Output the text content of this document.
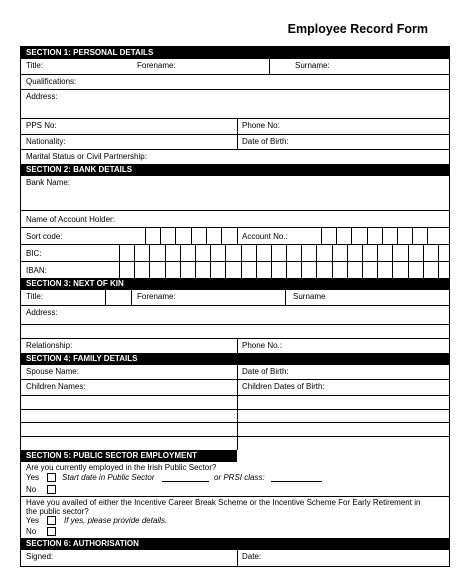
Employee Record Form
SECTION 1: PERSONAL DETAILS
Title:	Forename:	Surname:
Qualifications:
Address:
PPS No:	Phone No:
Nationality:	Date of Birth:
Marital Status or Civil Partnership:
SECTION 2: BANK DETAILS
Bank Name:
Name of Account Holder:
Sort code:	Account No.:
BIC:
IBAN:
SECTION 3: NEXT OF KIN
Title:	Forename:	Surname
Address:
Relationship:	Phone No.:
SECTION 4: FAMILY DETAILS
Spouse Name:	Date of Birth:
Children Names:	Children Dates of Birth:
SECTION 5: PUBLIC SECTOR EMPLOYMENT
Are you currently employed in the Irish Public Sector?
Yes	Start date in Public Sector	or PRSI class:
No
Have you availed of either the Incentive Career Break Scheme or the Incentive Scheme For Early Retirement in
the public sector?
Yes	If yes, please provide details.
No
SECTION 6: AUTHORISATION
Signed:	Date:
